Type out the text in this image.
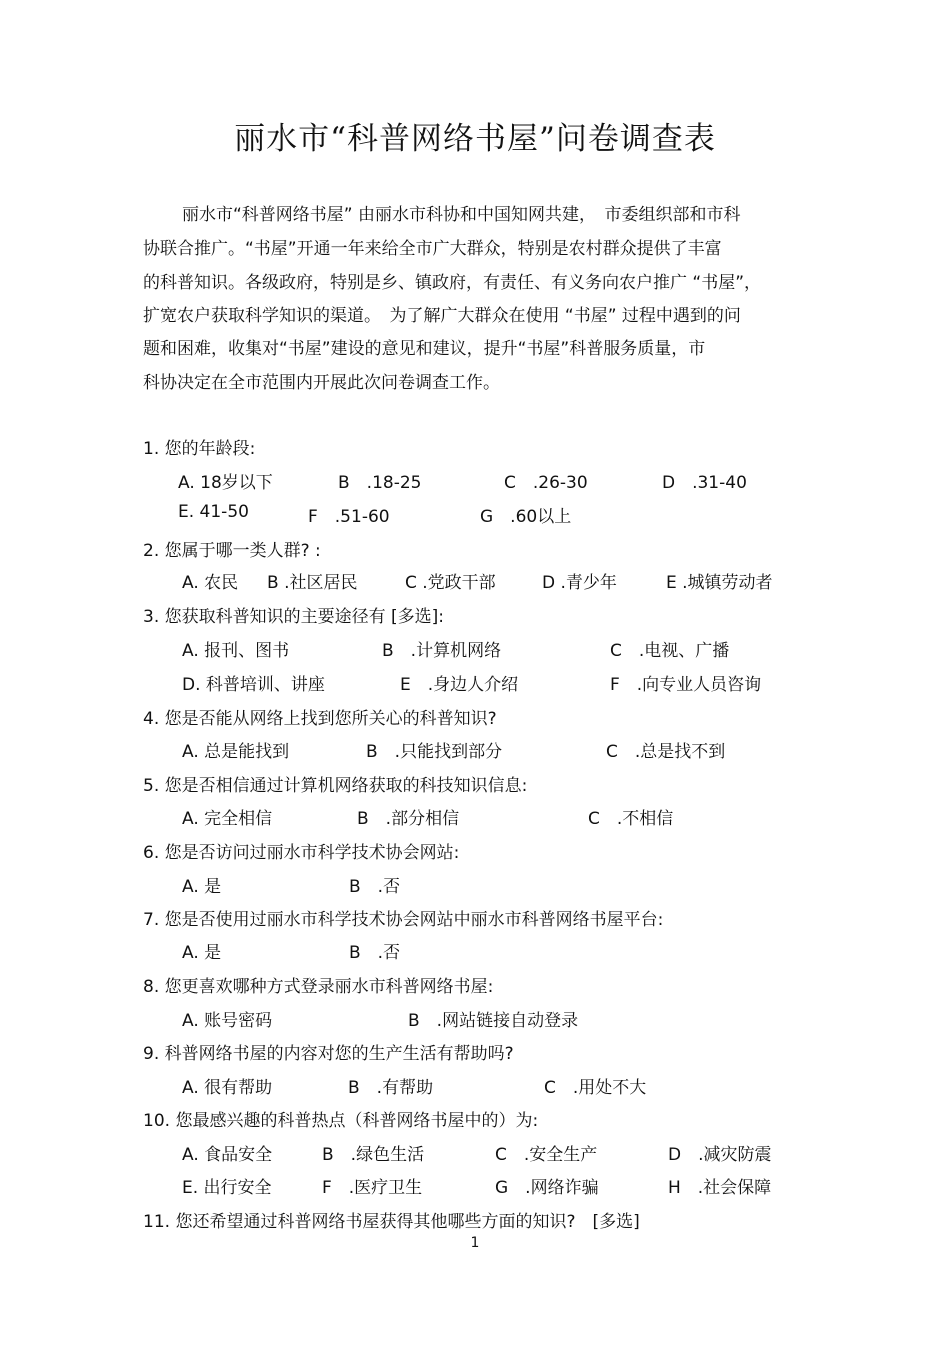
丽水市“科普网络书屋”问卷调查表

丽水市“科普网络书屋” 由丽水市科协和中国知网共建，　市委组织部和市科

协联合推广。“书屋”开通一年来给全市广大群众，特别是农村群众提供了丰富

的科普知识。各级政府，特别是乡、镇政府，有责任、有义务向农户推广 “书屋”，

扩宽农户获取科学知识的渠道。　为了解广大群众在使用 “书屋” 过程中遇到的问

题和困难，收集对“书屋”建设的意见和建议，提升“书屋”科普服务质量，市

科协决定在全市范围内开展此次问卷调查工作。

1. 您的年龄段:

A. 18岁以下	B　.18-25	C　.26-30	D　.31-40
E. 41-50	F　.51-60	G　.60以上

2. 您属于哪一类人群? :

A. 农民 B .社区居民	C .党政干部	D .青少年	E .城镇劳动者

3. 您获取科普知识的主要途径有 [多选]:

A. 报刊、图书	B　.计算机网络	C　.电视、广播
D. 科普培训、讲座	E　.身边人介绍	F　.向专业人员咨询

4. 您是否能从网络上找到您所关心的科普知识?

A. 总是能找到	B　.只能找到部分	C　.总是找不到

5. 您是否相信通过计算机网络获取的科技知识信息:

A. 完全相信	B　.部分相信	C　.不相信

6. 您是否访问过丽水市科学技术协会网站:

A. 是	B　.否

7. 您是否使用过丽水市科学技术协会网站中丽水市科普网络书屋平台:

A. 是	B　.否

8. 您更喜欢哪种方式登录丽水市科普网络书屋:

A. 账号密码	B　.网站链接自动登录

9. 科普网络书屋的内容对您的生产生活有帮助吗?

A. 很有帮助	B　.有帮助	C　.用处不大

10. 您最感兴趣的科普热点（科普网络书屋中的）为:

A. 食品安全	B　.绿色生活	C　.安全生产	D　.减灾防震
E. 出行安全	F　.医疗卫生	G　.网络诈骗	H　.社会保障

11. 您还希望通过科普网络书屋获得其他哪些方面的知识?　[多选]

1
